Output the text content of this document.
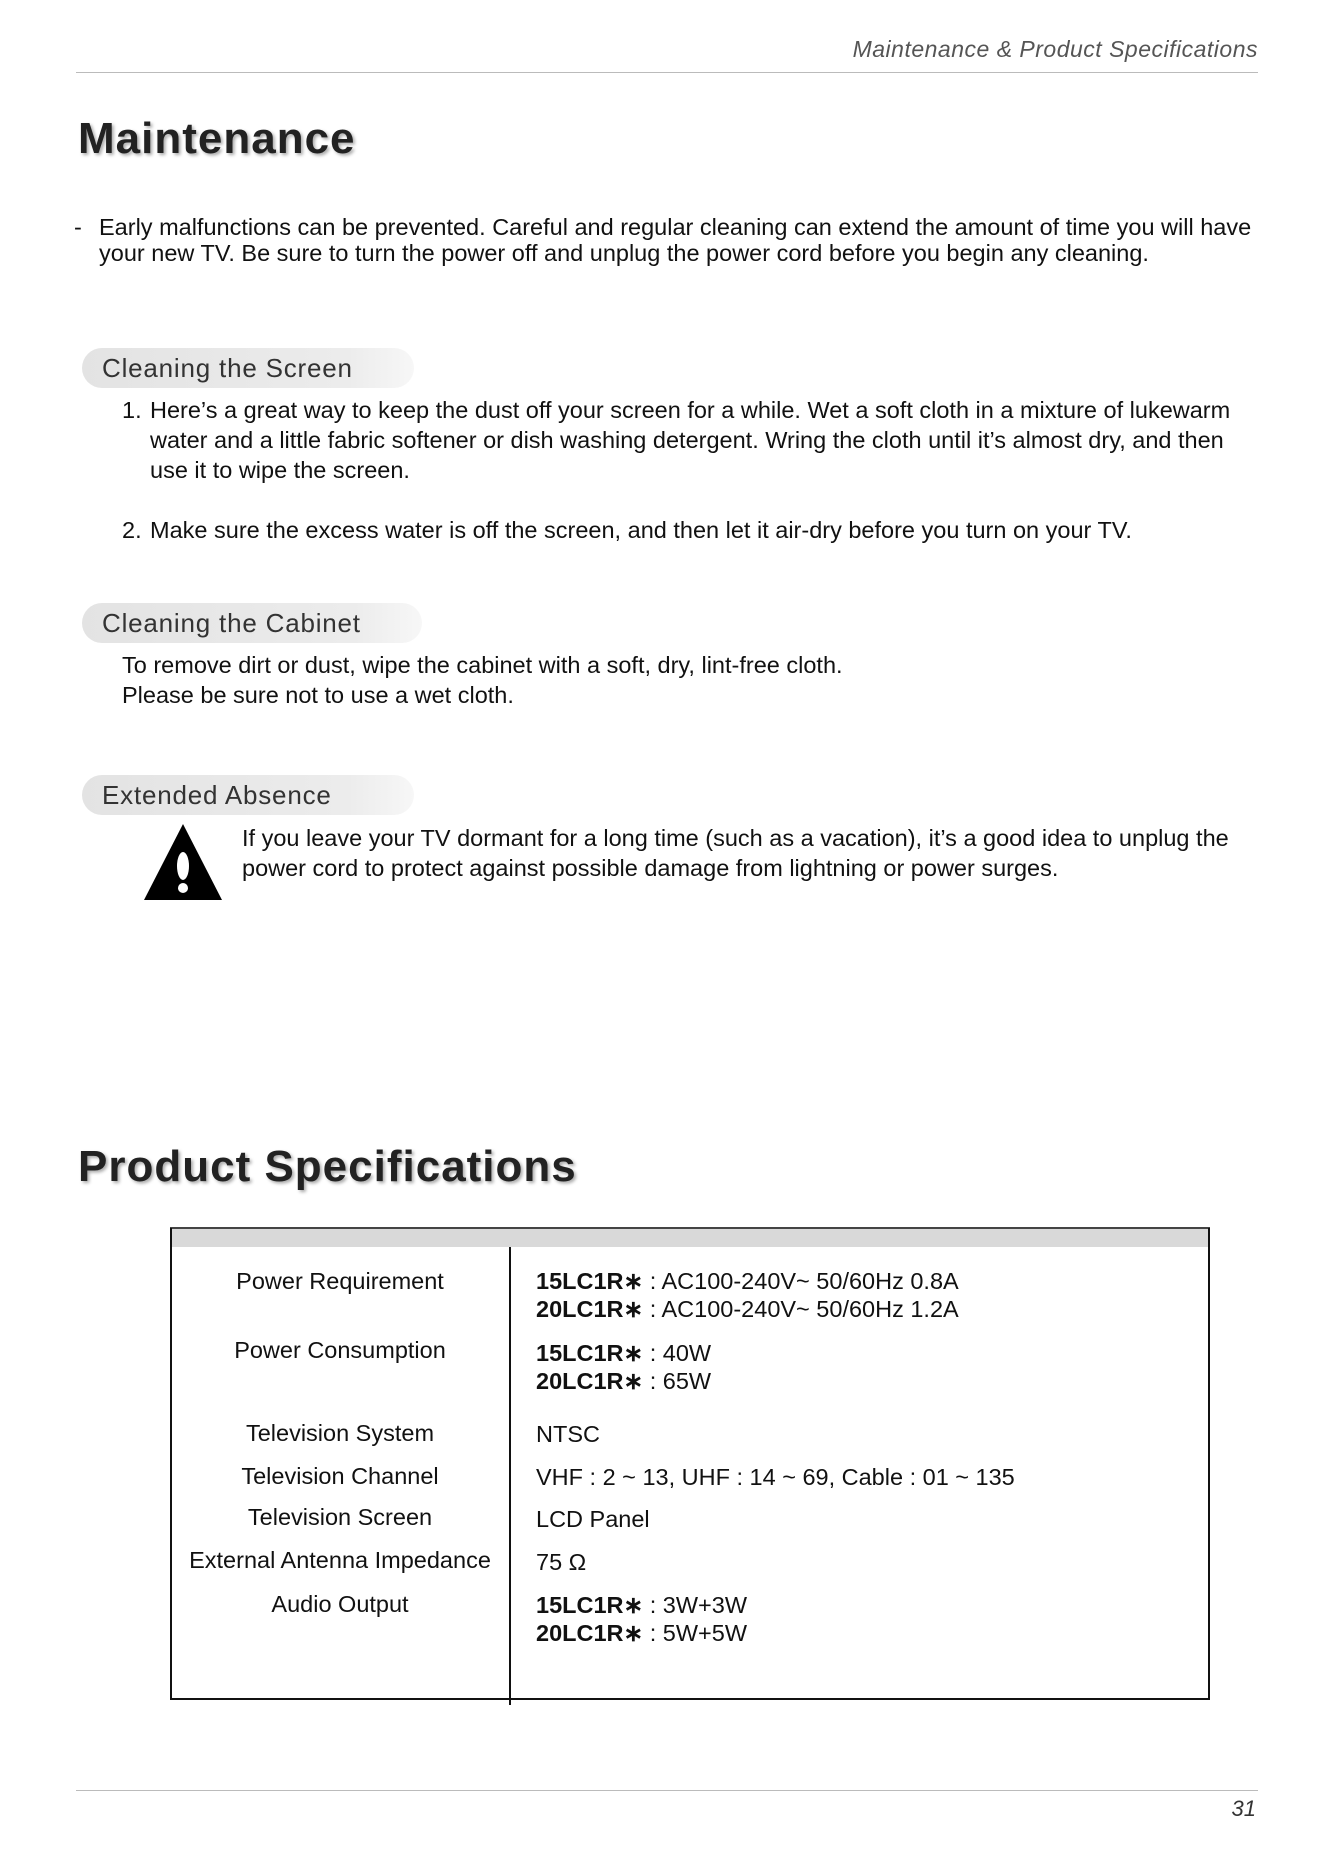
Maintenance & Product Specifications
Maintenance
- Early malfunctions can be prevented. Careful and regular cleaning can extend the amount of time you will have your new TV. Be sure to turn the power off and unplug the power cord before you begin any cleaning.
Cleaning the Screen
1. Here’s a great way to keep the dust off your screen for a while. Wet a soft cloth in a mixture of lukewarm water and a little fabric softener or dish washing detergent. Wring the cloth until it’s almost dry, and then use it to wipe the screen.
2. Make sure the excess water is off the screen, and then let it air-dry before you turn on your TV.
Cleaning the Cabinet
To remove dirt or dust, wipe the cabinet with a soft, dry, lint-free cloth.
Please be sure not to use a wet cloth.
Extended Absence
If you leave your TV dormant for a long time (such as a vacation), it’s a good idea to unplug the power cord to protect against possible damage from lightning or power surges.
Product Specifications
Power Requirement	15LC1R∗ : AC100-240V~ 50/60Hz 0.8A
20LC1R∗ : AC100-240V~ 50/60Hz 1.2A
Power Consumption	15LC1R∗ : 40W
20LC1R∗ : 65W
Television System	NTSC
Television Channel	VHF : 2 ~ 13, UHF : 14 ~ 69, Cable : 01 ~ 135
Television Screen	LCD Panel
External Antenna Impedance	75 Ω
Audio Output	15LC1R∗ : 3W+3W
20LC1R∗ : 5W+5W
31
